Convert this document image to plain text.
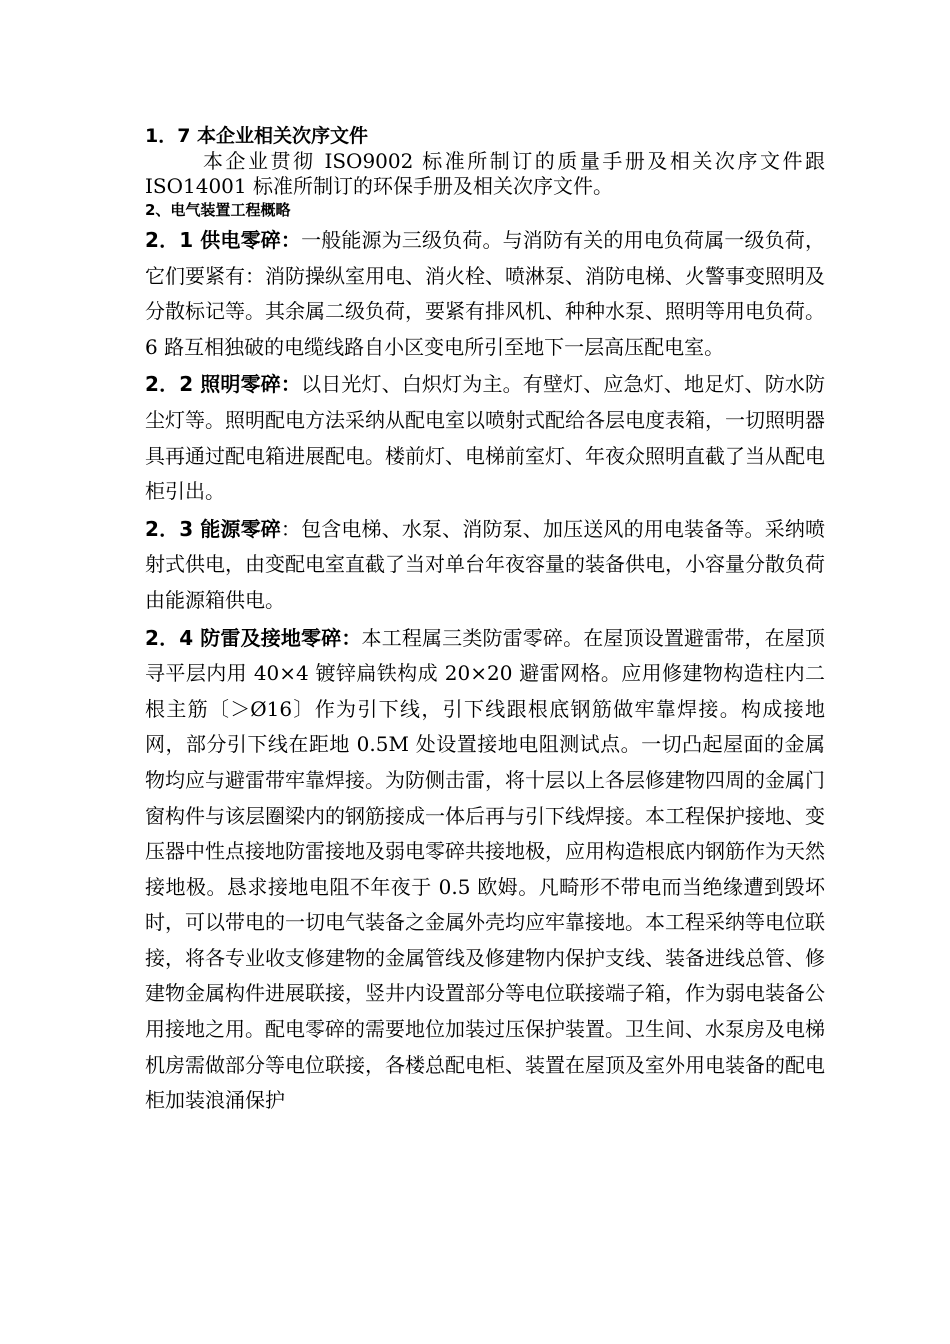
1．7 本企业相关次序文件

本企业贯彻 ISO9002 标准所制订的质量手册及相关次序文件跟 ISO14001 标准所制订的环保手册及相关次序文件。

2、电气装置工程概略

2．1 供电零碎：一般能源为三级负荷。与消防有关的用电负荷属一级负荷，它们要紧有：消防操纵室用电、消火栓、喷淋泵、消防电梯、火警事变照明及分散标记等。其余属二级负荷，要紧有排风机、种种水泵、照明等用电负荷。6 路互相独破的电缆线路自小区变电所引至地下一层高压配电室。

2．2 照明零碎：以日光灯、白炽灯为主。有壁灯、应急灯、地足灯、防水防尘灯等。照明配电方法采纳从配电室以喷射式配给各层电度表箱，一切照明器具再通过配电箱进展配电。楼前灯、电梯前室灯、年夜众照明直截了当从配电柜引出。

2．3 能源零碎：包含电梯、水泵、消防泵、加压送风的用电装备等。采纳喷射式供电，由变配电室直截了当对单台年夜容量的装备供电，小容量分散负荷由能源箱供电。

2．4 防雷及接地零碎：本工程属三类防雷零碎。在屋顶设置避雷带，在屋顶寻平层内用 40×4 镀锌扁铁构成 20×20 避雷网格。应用修建物构造柱内二根主筋〔＞Ø16〕作为引下线，引下线跟根底钢筋做牢靠焊接。构成接地网，部分引下线在距地 0.5M 处设置接地电阻测试点。一切凸起屋面的金属物均应与避雷带牢靠焊接。为防侧击雷，将十层以上各层修建物四周的金属门窗构件与该层圈梁内的钢筋接成一体后再与引下线焊接。本工程保护接地、变压器中性点接地防雷接地及弱电零碎共接地极，应用构造根底内钢筋作为天然接地极。恳求接地电阻不年夜于 0.5 欧姆。凡畸形不带电而当绝缘遭到毁坏时，可以带电的一切电气装备之金属外壳均应牢靠接地。本工程采纳等电位联接，将各专业收支修建物的金属管线及修建物内保护支线、装备进线总管、修建物金属构件进展联接，竖井内设置部分等电位联接端子箱，作为弱电装备公用接地之用。配电零碎的需要地位加装过压保护装置。卫生间、水泵房及电梯机房需做部分等电位联接，各楼总配电柜、装置在屋顶及室外用电装备的配电柜加装浪涌保护
